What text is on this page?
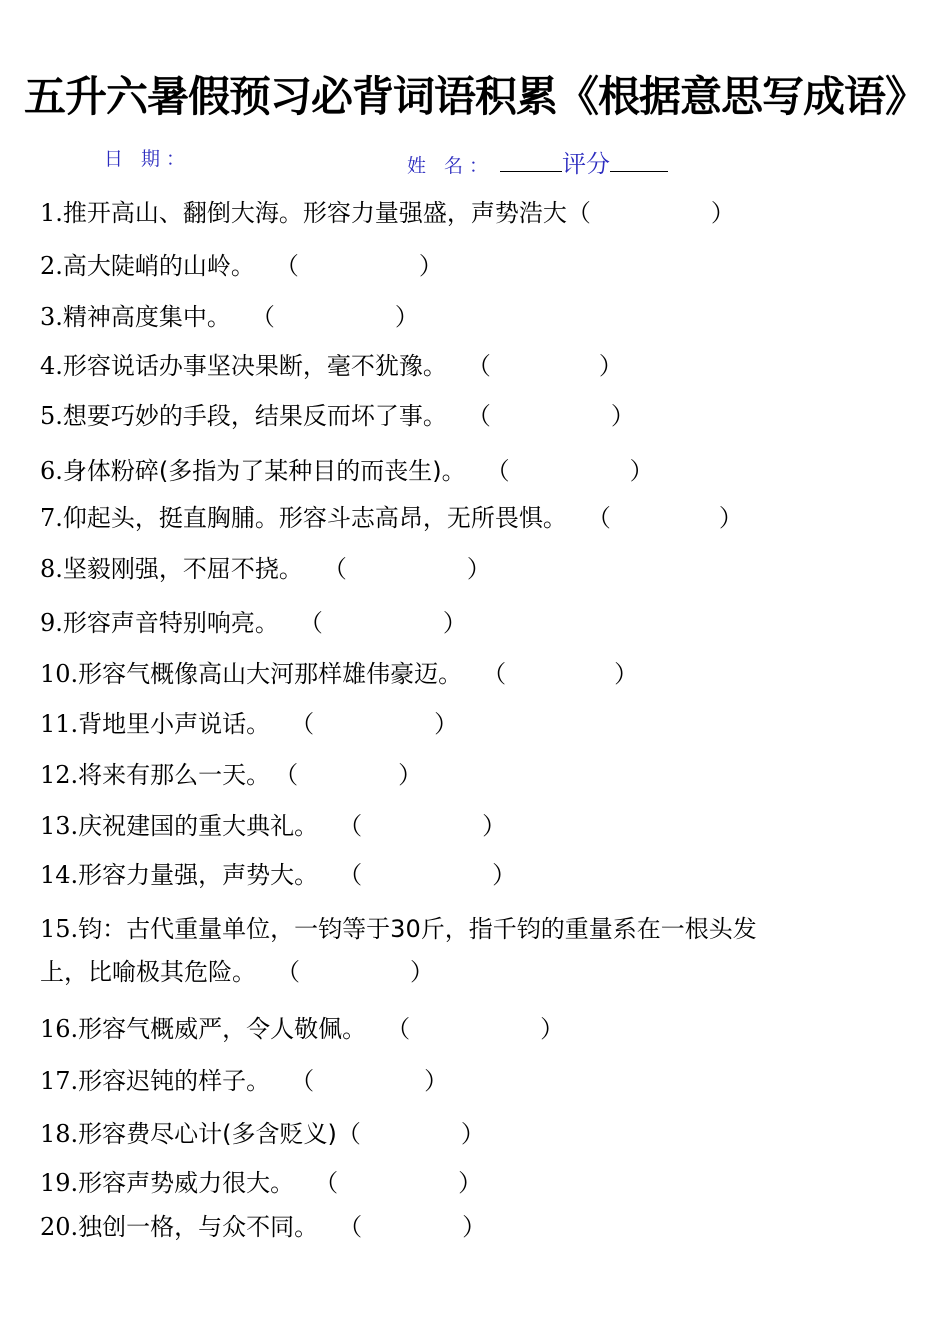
五升六暑假预习必背词语积累《根据意思写成语》
日 期：	姓 名：	评分
1.推开高山、翻倒大海。形容力量强盛，声势浩大（	）
2.高大陡峭的山岭。 （	）
3.精神高度集中。 （	）
4.形容说话办事坚决果断，毫不犹豫。 （	）
5.想要巧妙的手段，结果反而坏了事。 （	）
6.身体粉碎(多指为了某种目的而丧生)。 （	）
7.仰起头，挺直胸脯。形容斗志高昂，无所畏惧。 （	）
8.坚毅刚强，不屈不挠。 （	）
9.形容声音特别响亮。 （	）
10.形容气概像高山大河那样雄伟豪迈。 （	）
11.背地里小声说话。 （	）
12.将来有那么一天。 （	）
13.庆祝建国的重大典礼。 （	）
14.形容力量强，声势大。 （	）
15.钧：古代重量单位，一钧等于30斤，指千钧的重量系在一根头发
上，比喻极其危险。 （	）
16.形容气概威严，令人敬佩。 （	）
17.形容迟钝的样子。 （	）
18.形容费尽心计(多含贬义)（	）
19.形容声势威力很大。 （	）
20.独创一格，与众不同。 （	）
